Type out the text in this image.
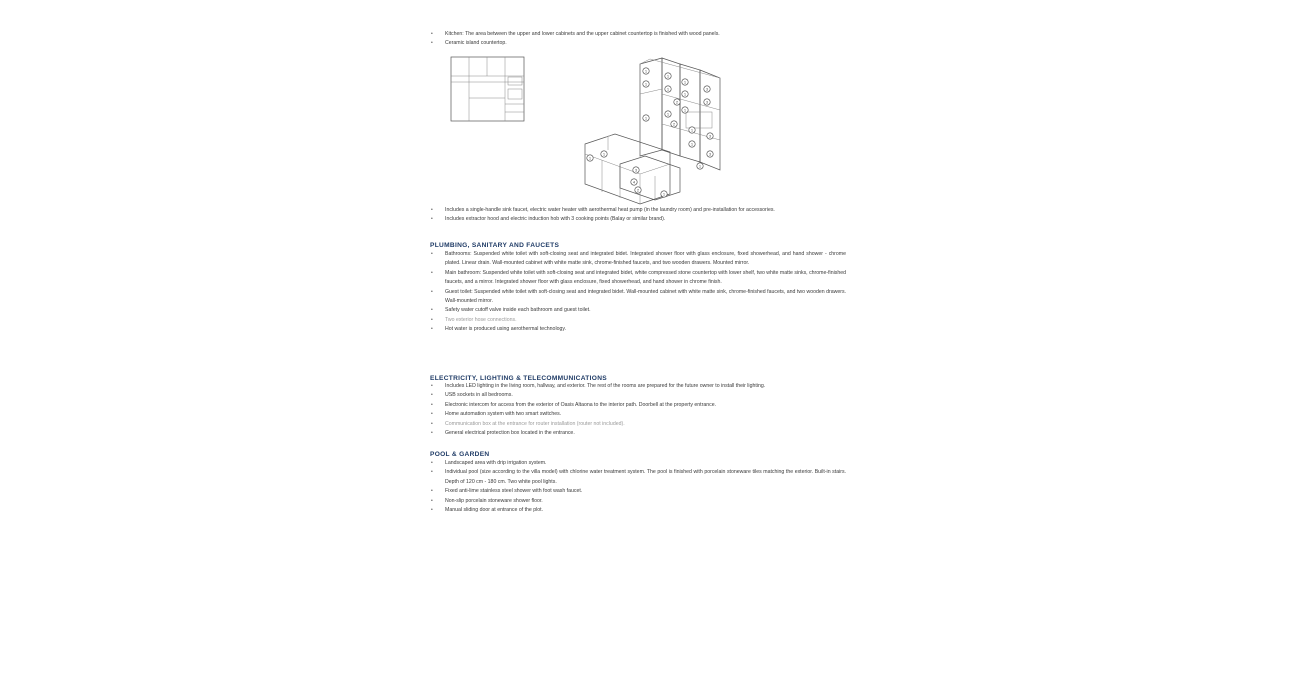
• Kitchen: The area between the upper and lower cabinets and the upper cabinet countertop is finished with wood panels.
• Ceramic island countertop.
1
1
1
1
1
1
2
3
3
1
1
1
2
1
3
1
3
1
1
1
4
3
2
1
• Includes a single-handle sink faucet, electric water heater with aerothermal heat pump (in the laundry room) and pre-installation for accessories.
• Includes extractor hood and electric induction hob with 3 cooking points (Balay or similar brand).
PLUMBING, SANITARY AND FAUCETS
• Bathrooms: Suspended white toilet with soft-closing seat and integrated bidet. Integrated shower floor with glass enclosure, fixed showerhead, and hand shower - chrome plated. Linear drain. Wall-mounted cabinet with white matte sink, chrome-finished faucets, and two wooden drawers. Mounted mirror.
• Main bathroom: Suspended white toilet with soft-closing seat and integrated bidet, white compressed stone countertop with lower shelf, two white matte sinks, chrome-finished faucets, and a mirror. Integrated shower floor with glass enclosure, fixed showerhead, and hand shower in chrome finish.
• Guest toilet: Suspended white toilet with soft-closing seat and integrated bidet. Wall-mounted cabinet with white matte sink, chrome-finished faucets, and two wooden drawers. Wall-mounted mirror.
• Safety water cutoff valve inside each bathroom and guest toilet.
• Two exterior hose connections.
• Hot water is produced using aerothermal technology.
ELECTRICITY, LIGHTING & TELECOMMUNICATIONS
• Includes LED lighting in the living room, hallway, and exterior. The rest of the rooms are prepared for the future owner to install their lighting.
• USB sockets in all bedrooms.
• Electronic intercom for access from the exterior of Oasis Altaona to the interior path. Doorbell at the property entrance.
• Home automation system with two smart switches.
• Communication box at the entrance for router installation (router not included).
• General electrical protection box located in the entrance.
POOL & GARDEN
• Landscaped area with drip irrigation system.
• Individual pool (size according to the villa model) with chlorine water treatment system. The pool is finished with porcelain stoneware tiles matching the exterior. Built-in stairs. Depth of 120 cm - 180 cm. Two white pool lights.
• Fixed anti-lime stainless steel shower with foot wash faucet.
• Non-slip porcelain stoneware shower floor.
• Manual sliding door at entrance of the plot.
